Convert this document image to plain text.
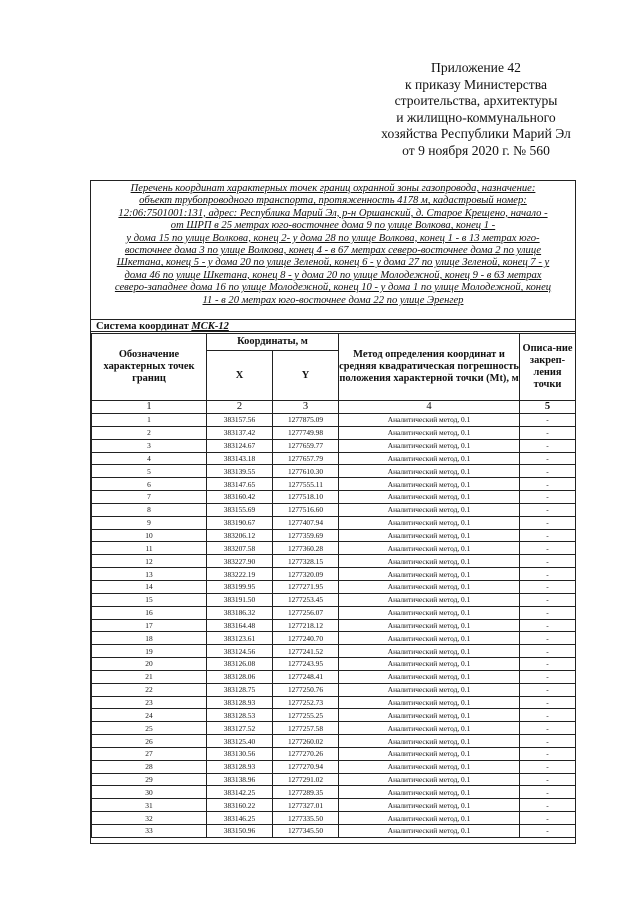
Приложение 42
к приказу Министерства
строительства, архитектуры
и жилищно-коммунального
хозяйства Республики Марий Эл
от 9 ноября 2020 г. № 560
Перечень координат характерных точек границ охранной зоны газопровода, назначение:
объект трубопроводного транспорта, протяженность 4178 м, кадастровый номер:
12:06:7501001:131, адрес: Республика Марий Эл, р-н Оршанский, д. Старое Крещено, начало -
от ШРП в 25 метрах юго-восточнее дома 9 по улице Волкова, конец 1 -
у дома 15 по улице Волкова, конец 2- у дома 28 по улице Волкова, конец 1 - в 13 метрах юго-
восточнее дома 3 по улице Волкова, конец 4 - в 67 метрах северо-восточнее дома 2 по улице
Шкетана, конец 5 - у дома 20 по улице Зеленой, конец 6 - у дома 27 по улице Зеленой, конец 7 - у
дома 46 по улице Шкетана, конец 8 - у дома 20 по улице Молодежной, конец 9 - в 63 метрах
северо-западнее дома 16 по улице Молодежной, конец 10 - у дома 1 по улице Молодежной, конец
11 - в 20 метрах юго-восточнее дома 22 по улице Эренгер
Система координат МСК-12
Обозначение характерных точек границ	Координаты, м		Метод определения координат и средняя квадратическая погрешность положения характерной точки (Mt), м	Описа-ние закреп-ления точки
	X	Y		
1	2	3	4	5
1	383157.56	1277875.09	Аналитический метод, 0.1	-
2	383137.42	1277749.98	Аналитический метод, 0.1	-
3	383124.67	1277659.77	Аналитический метод, 0.1	-
4	383143.18	1277657.79	Аналитический метод, 0.1	-
5	383139.55	1277610.30	Аналитический метод, 0.1	-
6	383147.65	1277555.11	Аналитический метод, 0.1	-
7	383160.42	1277518.10	Аналитический метод, 0.1	-
8	383155.69	1277516.60	Аналитический метод, 0.1	-
9	383190.67	1277407.94	Аналитический метод, 0.1	-
10	383206.12	1277359.69	Аналитический метод, 0.1	-
11	383207.58	1277360.28	Аналитический метод, 0.1	-
12	383227.90	1277328.15	Аналитический метод, 0.1	-
13	383222.19	1277320.09	Аналитический метод, 0.1	-
14	383199.95	1277271.95	Аналитический метод, 0.1	-
15	383191.50	1277253.45	Аналитический метод, 0.1	-
16	383186.32	1277256.07	Аналитический метод, 0.1	-
17	383164.48	1277218.12	Аналитический метод, 0.1	-
18	383123.61	1277240.70	Аналитический метод, 0.1	-
19	383124.56	1277241.52	Аналитический метод, 0.1	-
20	383126.08	1277243.95	Аналитический метод, 0.1	-
21	383128.06	1277248.41	Аналитический метод, 0.1	-
22	383128.75	1277250.76	Аналитический метод, 0.1	-
23	383128.93	1277252.73	Аналитический метод, 0.1	-
24	383128.53	1277255.25	Аналитический метод, 0.1	-
25	383127.52	1277257.58	Аналитический метод, 0.1	-
26	383125.40	1277260.02	Аналитический метод, 0.1	-
27	383130.56	1277270.26	Аналитический метод, 0.1	-
28	383128.93	1277270.94	Аналитический метод, 0.1	-
29	383138.96	1277291.02	Аналитический метод, 0.1	-
30	383142.25	1277289.35	Аналитический метод, 0.1	-
31	383160.22	1277327.01	Аналитический метод, 0.1	-
32	383146.25	1277335.50	Аналитический метод, 0.1	-
33	383150.96	1277345.50	Аналитический метод, 0.1	-
